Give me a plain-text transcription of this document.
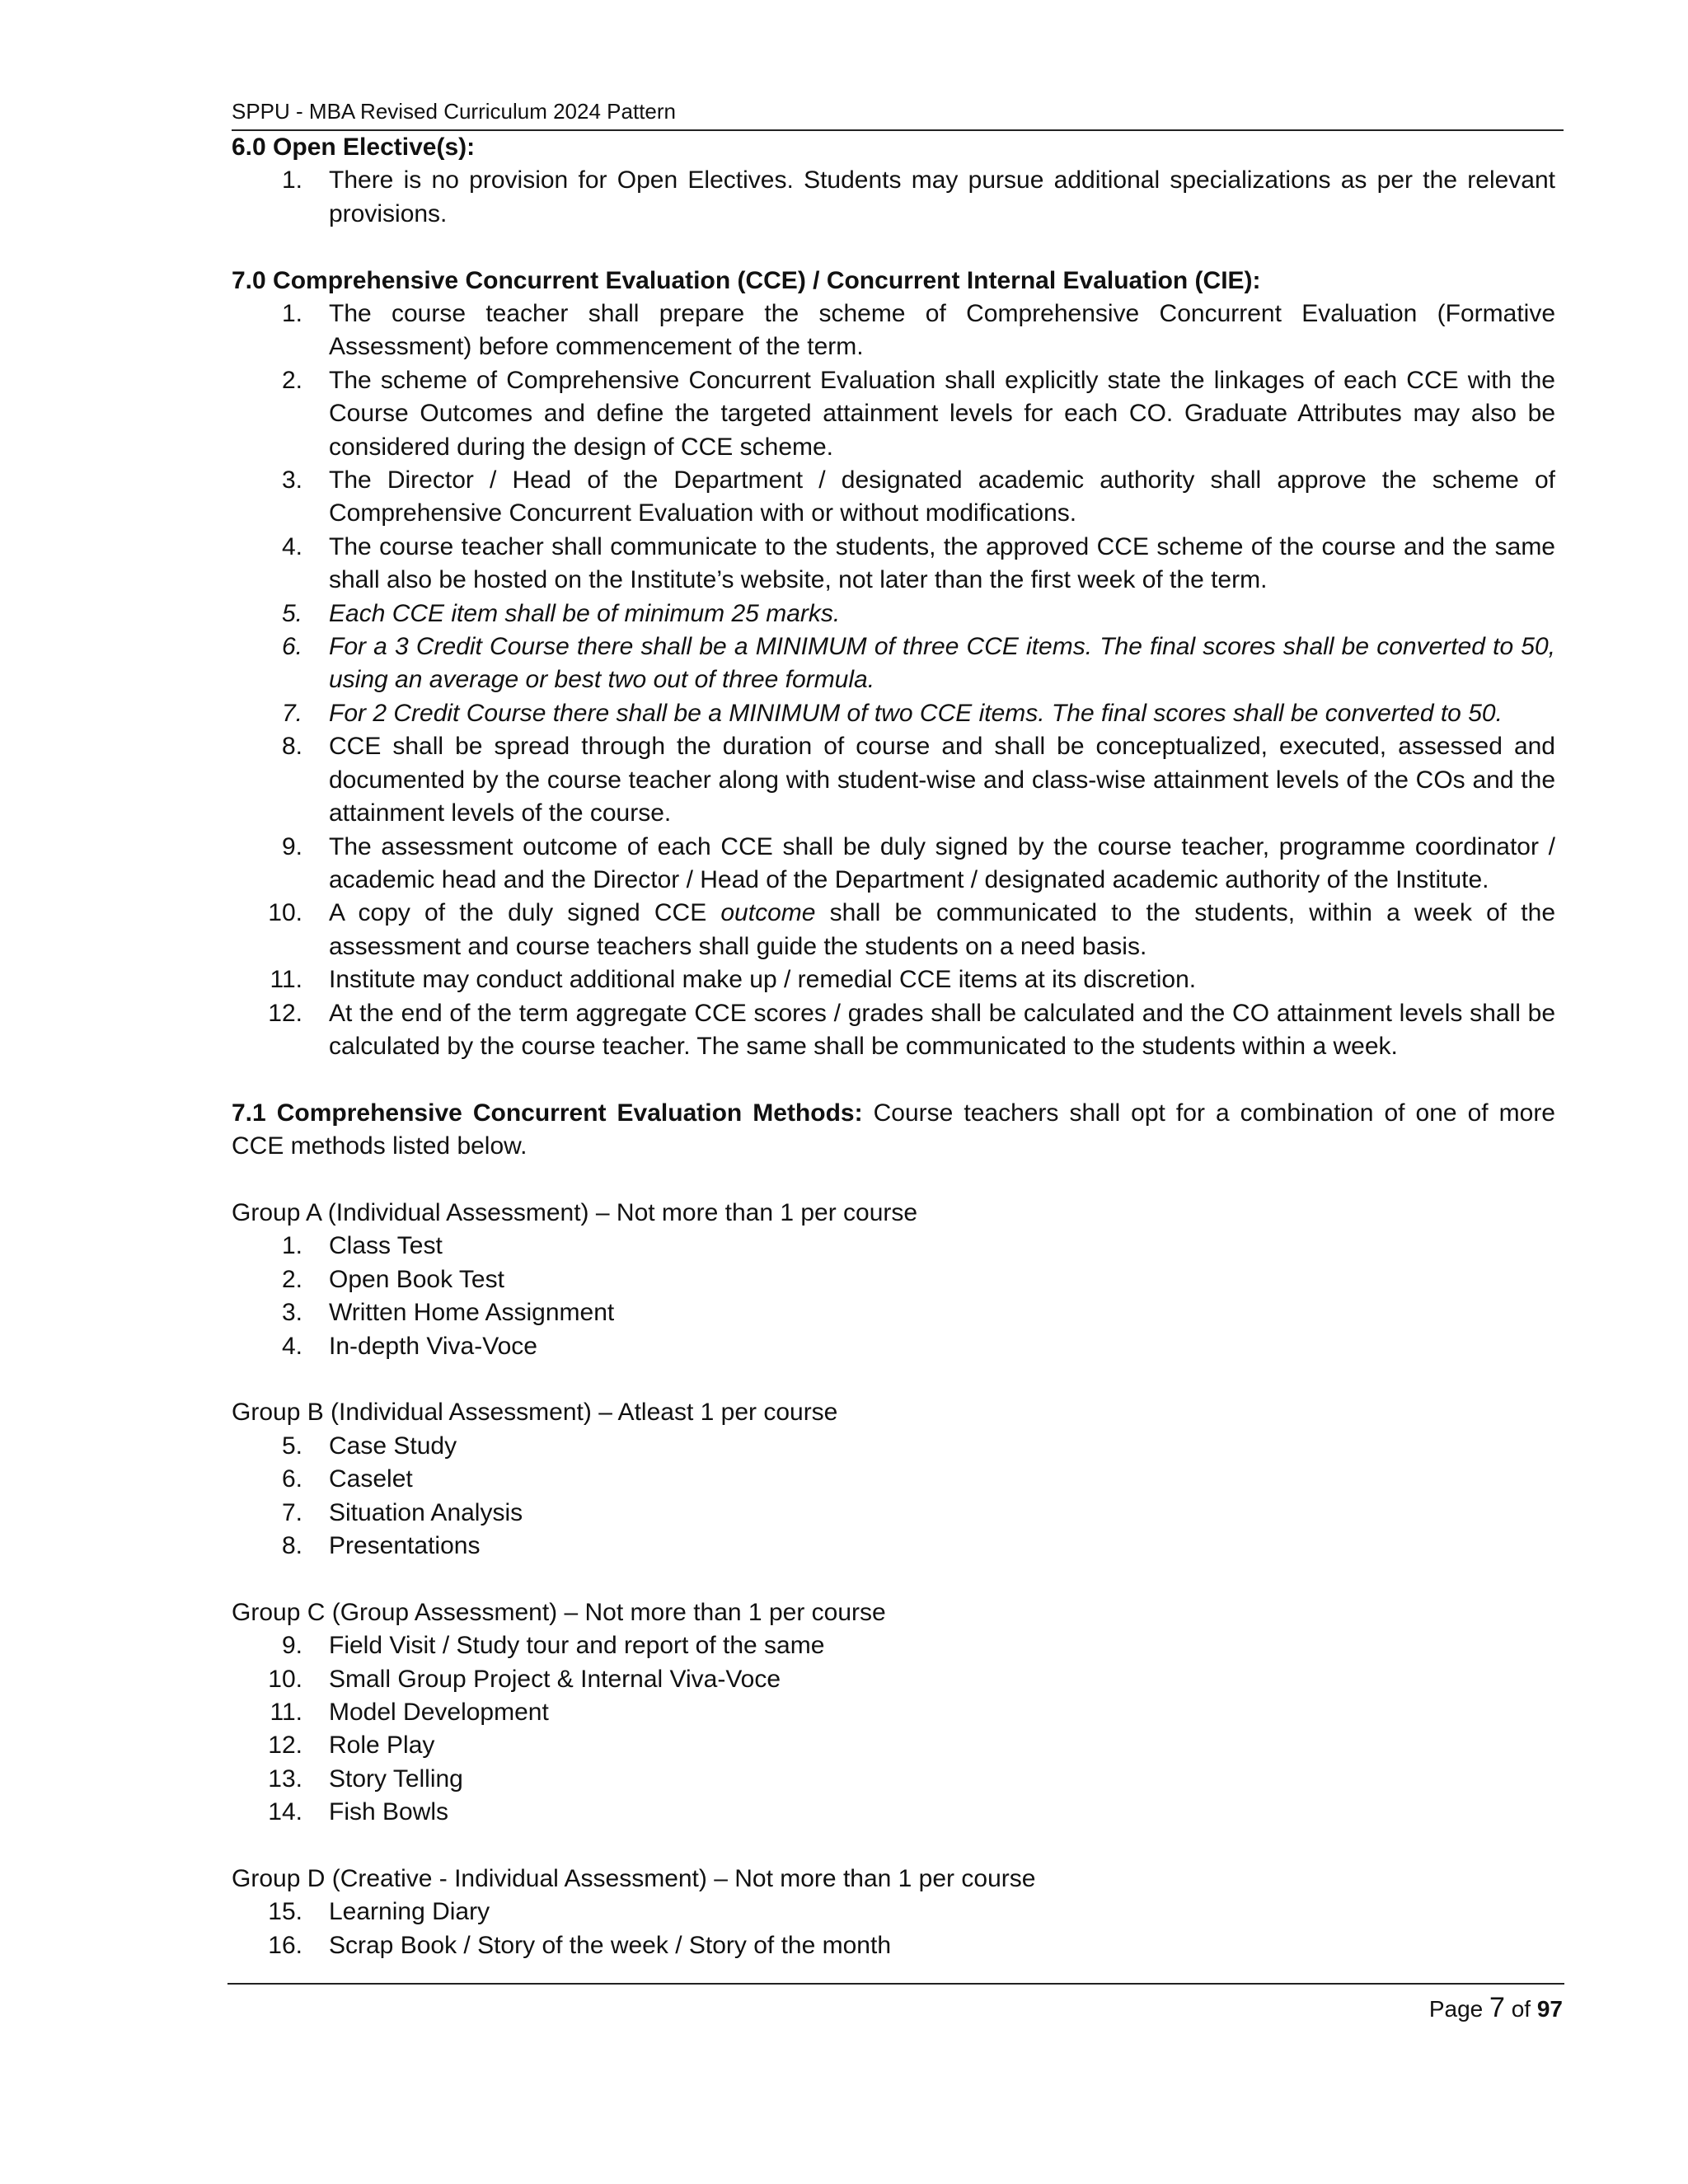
SPPU - MBA Revised Curriculum 2024 Pattern

6.0 Open Elective(s):

1. There is no provision for Open Electives. Students may pursue additional specializations as per the relevant provisions.

7.0 Comprehensive Concurrent Evaluation (CCE) / Concurrent Internal Evaluation (CIE):

1. The course teacher shall prepare the scheme of Comprehensive Concurrent Evaluation (Formative Assessment) before commencement of the term.
2. The scheme of Comprehensive Concurrent Evaluation shall explicitly state the linkages of each CCE with the Course Outcomes and define the targeted attainment levels for each CO. Graduate Attributes may also be considered during the design of CCE scheme.
3. The Director / Head of the Department / designated academic authority shall approve the scheme of Comprehensive Concurrent Evaluation with or without modifications.
4. The course teacher shall communicate to the students, the approved CCE scheme of the course and the same shall also be hosted on the Institute’s website, not later than the first week of the term.
5. Each CCE item shall be of minimum 25 marks.
6. For a 3 Credit Course there shall be a MINIMUM of three CCE items. The final scores shall be converted to 50, using an average or best two out of three formula.
7. For 2 Credit Course there shall be a MINIMUM of two CCE items. The final scores shall be converted to 50.
8. CCE shall be spread through the duration of course and shall be conceptualized, executed, assessed and documented by the course teacher along with student-wise and class-wise attainment levels of the COs and the attainment levels of the course.
9. The assessment outcome of each CCE shall be duly signed by the course teacher, programme coordinator / academic head and the Director / Head of the Department / designated academic authority of the Institute.
10. A copy of the duly signed CCE outcome shall be communicated to the students, within a week of the assessment and course teachers shall guide the students on a need basis.
11. Institute may conduct additional make up / remedial CCE items at its discretion.
12. At the end of the term aggregate CCE scores / grades shall be calculated and the CO attainment levels shall be calculated by the course teacher. The same shall be communicated to the students within a week.

7.1 Comprehensive Concurrent Evaluation Methods: Course teachers shall opt for a combination of one of more CCE methods listed below.

Group A (Individual Assessment) – Not more than 1 per course

1. Class Test
2. Open Book Test
3. Written Home Assignment
4. In-depth Viva-Voce

Group B (Individual Assessment) – Atleast 1 per course

5. Case Study
6. Caselet
7. Situation Analysis
8. Presentations

Group C (Group Assessment) – Not more than 1 per course

9. Field Visit / Study tour and report of the same
10. Small Group Project & Internal Viva-Voce
11. Model Development
12. Role Play
13. Story Telling
14. Fish Bowls

Group D (Creative - Individual Assessment) – Not more than 1 per course

15. Learning Diary
16. Scrap Book / Story of the week / Story of the month
Page 7 of 97
